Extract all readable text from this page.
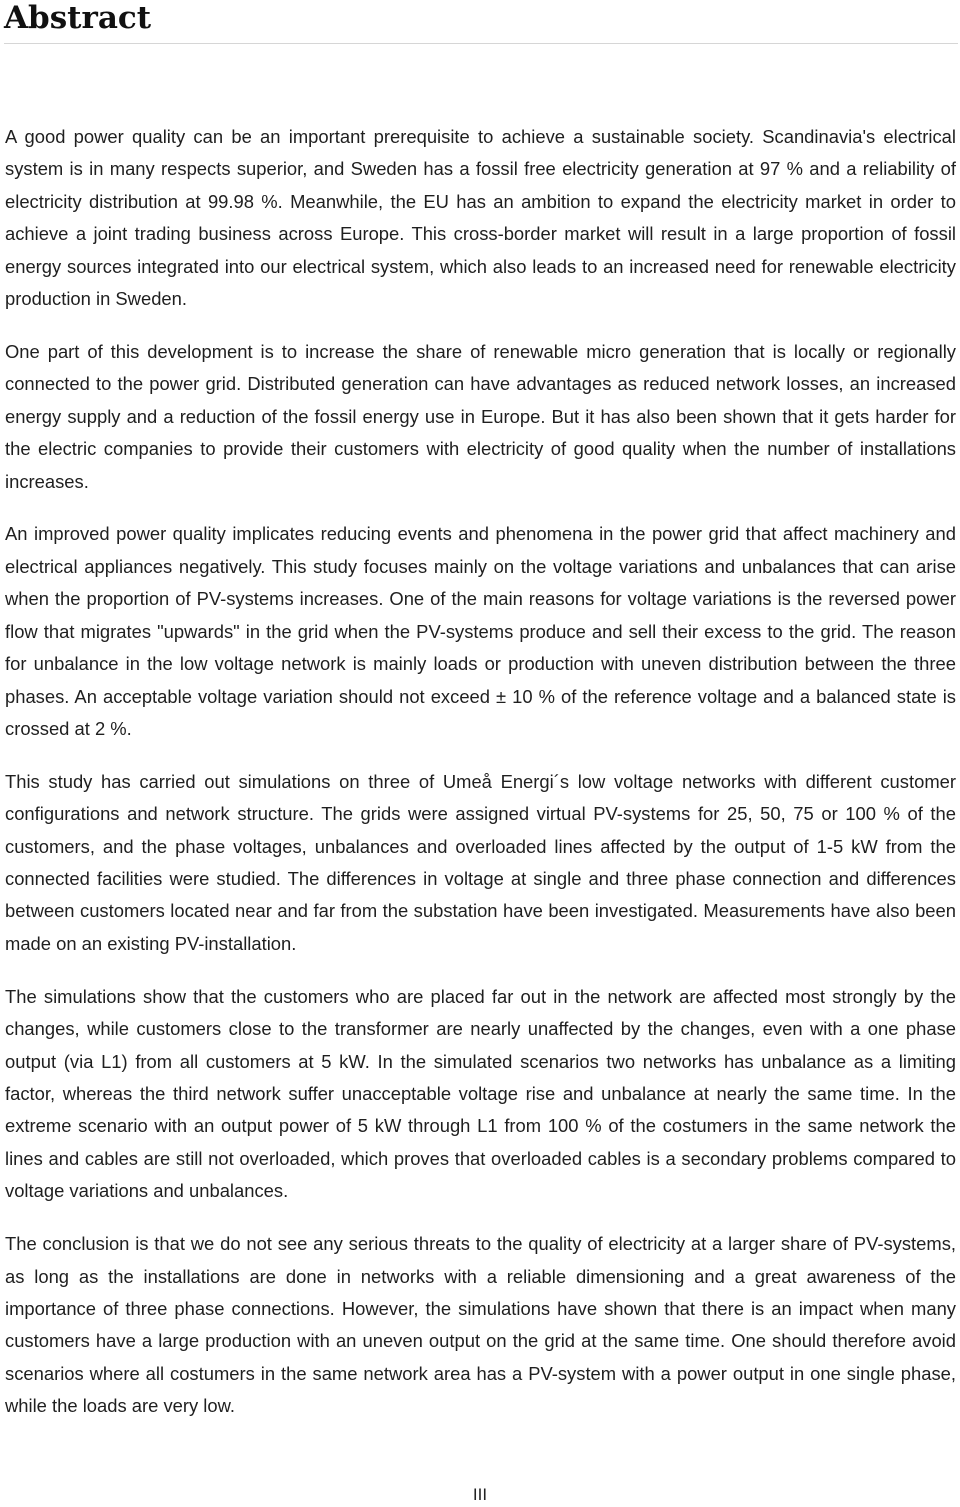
Abstract

A good power quality can be an important prerequisite to achieve a sustainable society. Scandinavia's electrical system is in many respects superior, and Sweden has a fossil free electricity generation at 97 % and a reliability of electricity distribution at 99.98 %. Meanwhile, the EU has an ambition to expand the electricity market in order to achieve a joint trading business across Europe. This cross-border market will result in a large proportion of fossil energy sources integrated into our electrical system, which also leads to an increased need for renewable electricity production in Sweden.

One part of this development is to increase the share of renewable micro generation that is locally or regionally connected to the power grid. Distributed generation can have advantages as reduced network losses, an increased energy supply and a reduction of the fossil energy use in Europe. But it has also been shown that it gets harder for the electric companies to provide their customers with electricity of good quality when the number of installations increases.

An improved power quality implicates reducing events and phenomena in the power grid that affect machinery and electrical appliances negatively. This study focuses mainly on the voltage variations and unbalances that can arise when the proportion of PV-systems increases. One of the main reasons for voltage variations is the reversed power flow that migrates "upwards" in the grid when the PV-systems produce and sell their excess to the grid. The reason for unbalance in the low voltage network is mainly loads or production with uneven distribution between the three phases. An acceptable voltage variation should not exceed ± 10 % of the reference voltage and a balanced state is crossed at 2 %.

This study has carried out simulations on three of Umeå Energi´s low voltage networks with different customer configurations and network structure. The grids were assigned virtual PV-systems for 25, 50, 75 or 100 % of the customers, and the phase voltages, unbalances and overloaded lines affected by the output of 1-5 kW from the connected facilities were studied. The differences in voltage at single and three phase connection and differences between customers located near and far from the substation have been investigated. Measurements have also been made on an existing PV-installation.

The simulations show that the customers who are placed far out in the network are affected most strongly by the changes, while customers close to the transformer are nearly unaffected by the changes, even with a one phase output (via L1) from all customers at 5 kW. In the simulated scenarios two networks has unbalance as a limiting factor, whereas the third network suffer unacceptable voltage rise and unbalance at nearly the same time. In the extreme scenario with an output power of 5 kW through L1 from 100 % of the costumers in the same network the lines and cables are still not overloaded, which proves that overloaded cables is a secondary problems compared to voltage variations and unbalances.

The conclusion is that we do not see any serious threats to the quality of electricity at a larger share of PV-systems, as long as the installations are done in networks with a reliable dimensioning and a great awareness of the importance of three phase connections. However, the simulations have shown that there is an impact when many customers have a large production with an uneven output on the grid at the same time. One should therefore avoid scenarios where all costumers in the same network area has a PV-system with a power output in one single phase, while the loads are very low.

III
